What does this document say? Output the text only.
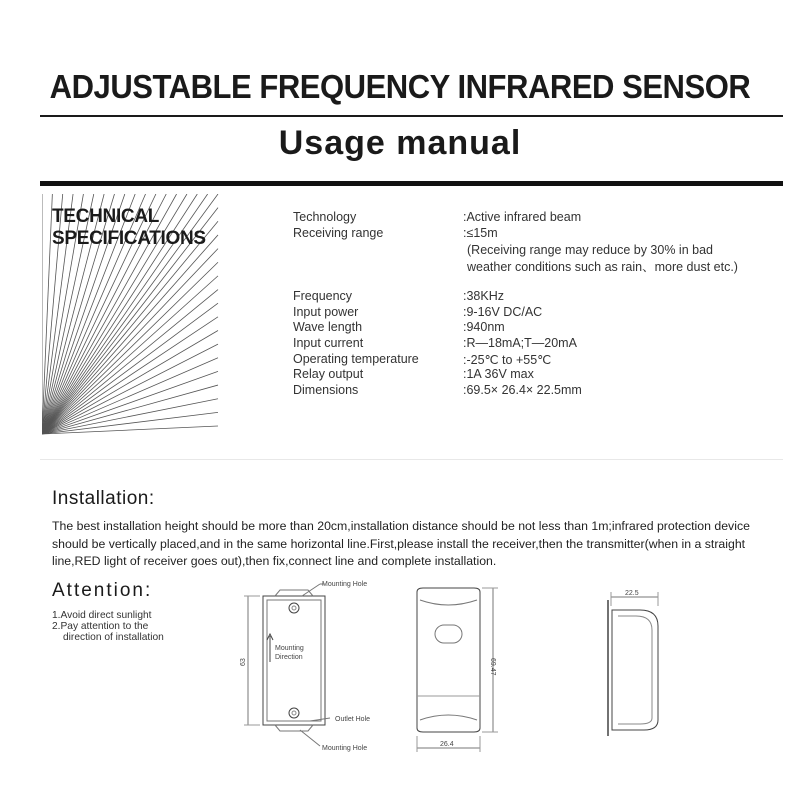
ADJUSTABLE FREQUENCY INFRARED SENSOR
Usage manual
TECHNICAL
SPECIFICATIONS
Technology	:Active infrared beam
Receiving range	:≤15m
(Receiving range may reduce by 30% in bad
weather conditions such as rain、more dust etc.)
Frequency	:38KHz
Input power	:9-16V DC/AC
Wave length	:940nm
Input current	:R—18mA;T—20mA
Operating temperature	:-25℃ to +55℃
Relay output	:1A 36V max
Dimensions	:69.5× 26.4× 22.5mm
Installation:
The best installation height should be more than 20cm,installation distance should be not less than 1m;infrared protection device should be vertically placed,and in the same horizontal line.First,please install the receiver,then the transmitter(when in a straight line,RED light of receiver goes out),then fix,connect line and complete installation.
Attention:
1.Avoid direct sunlight
2.Pay attention to the
direction of installation
Mounting Hole
Mounting
Direction
Outlet Hole
Mounting Hole
63	69.47
26.4
22.5
